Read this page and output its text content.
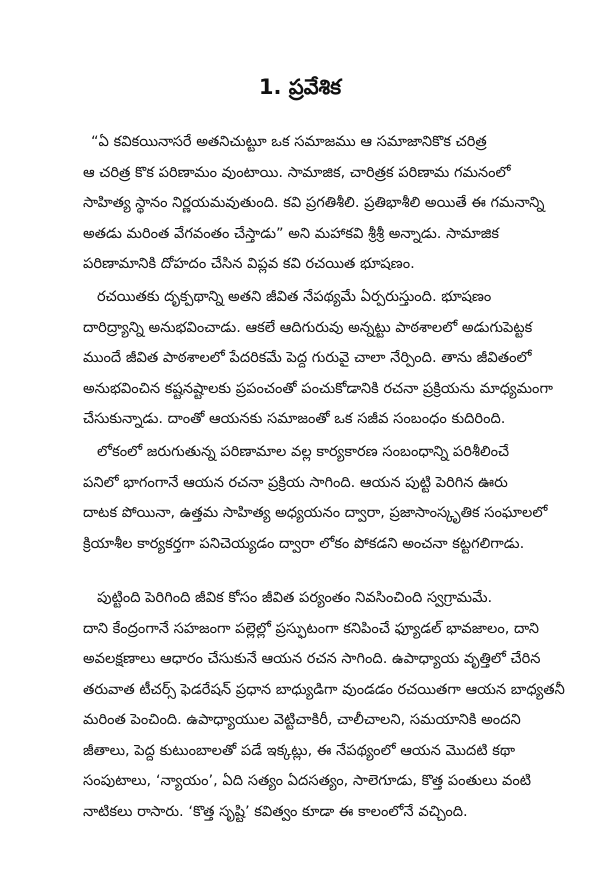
1. ప్రవేశిక
“ఏ కవికయినాసరే అతనిచుట్టూ ఒక సమాజము ఆ సమాజానికొక చరిత్ర
ఆ చరిత్ర కొక పరిణామం వుంటాయి. సామాజిక, చారిత్రక పరిణామ గమనంలో
సాహిత్య స్థానం నిర్ణయమవుతుంది. కవి ప్రగతిశీలి. ప్రతిభాశీలి అయితే ఈ గమనాన్ని
అతడు మరింత వేగవంతం చేస్తాడు” అని మహాకవి శ్రీశ్రీ అన్నాడు. సామాజిక
పరిణామానికి దోహదం చేసిన విప్లవ కవి రచయిత భూషణం.
రచయితకు దృక్పథాన్ని అతని జీవిత నేపథ్యమే ఏర్పరుస్తుంది. భూషణం
దారిద్ర్యాన్ని అనుభవించాడు. ఆకలే ఆదిగురువు అన్నట్టు పాఠశాలలో అడుగుపెట్టక
ముందే జీవిత పాఠశాలలో పేదరికమే పెద్ద గురువై చాలా నేర్పింది. తాను జీవితంలో
అనుభవించిన కష్టనష్టాలకు ప్రపంచంతో పంచుకోడానికి రచనా ప్రక్రియను మాధ్యమంగా
చేసుకున్నాడు. దాంతో ఆయనకు సమాజంతో ఒక సజీవ సంబంధం కుదిరింది.
లోకంలో జరుగుతున్న పరిణామాల వల్ల కార్యకారణ సంబంధాన్ని పరిశీలించే
పనిలో భాగంగానే ఆయన రచనా ప్రక్రియ సాగింది. ఆయన పుట్టి పెరిగిన ఊరు
దాటక పోయినా, ఉత్తమ సాహిత్య అధ్యయనం ద్వారా, ప్రజాసాంస్కృతిక సంఘాలలో
క్రియాశీల కార్యకర్తగా పనిచెయ్యడం ద్వారా లోకం పోకడని అంచనా కట్టగలిగాడు.
పుట్టింది పెరిగింది జీవిక కోసం జీవిత పర్యంతం నివసించింది స్వగ్రామమే.
దాని కేంద్రంగానే సహజంగా పల్లెల్లో ప్రస్ఫుటంగా కనిపించే ఫ్యూడల్ భావజాలం, దాని
అవలక్షణాలు ఆధారం చేసుకునే ఆయన రచన సాగింది. ఉపాధ్యాయ వృత్తిలో చేరిన
తరువాత టీచర్స్ ఫెడరేషన్ ప్రధాన బాధ్యుడిగా వుండడం రచయితగా ఆయన బాధ్యతనీ
మరింత పెంచింది. ఉపాధ్యాయుల వెట్టిచాకిరీ, చాలీచాలని, సమయానికి అందని
జీతాలు, పెద్ద కుటుంబాలతో పడే ఇక్కట్లు, ఈ నేపథ్యంలో ఆయన మొదటి కథా
సంపుటాలు, ‘న్యాయం’, ఏది సత్యం ఏదసత్యం, సాలెగూడు, కొత్త పంతులు వంటి
నాటికలు రాసారు. ‘కొత్త సృష్టి’ కవిత్వం కూడా ఈ కాలంలోనే వచ్చింది.
